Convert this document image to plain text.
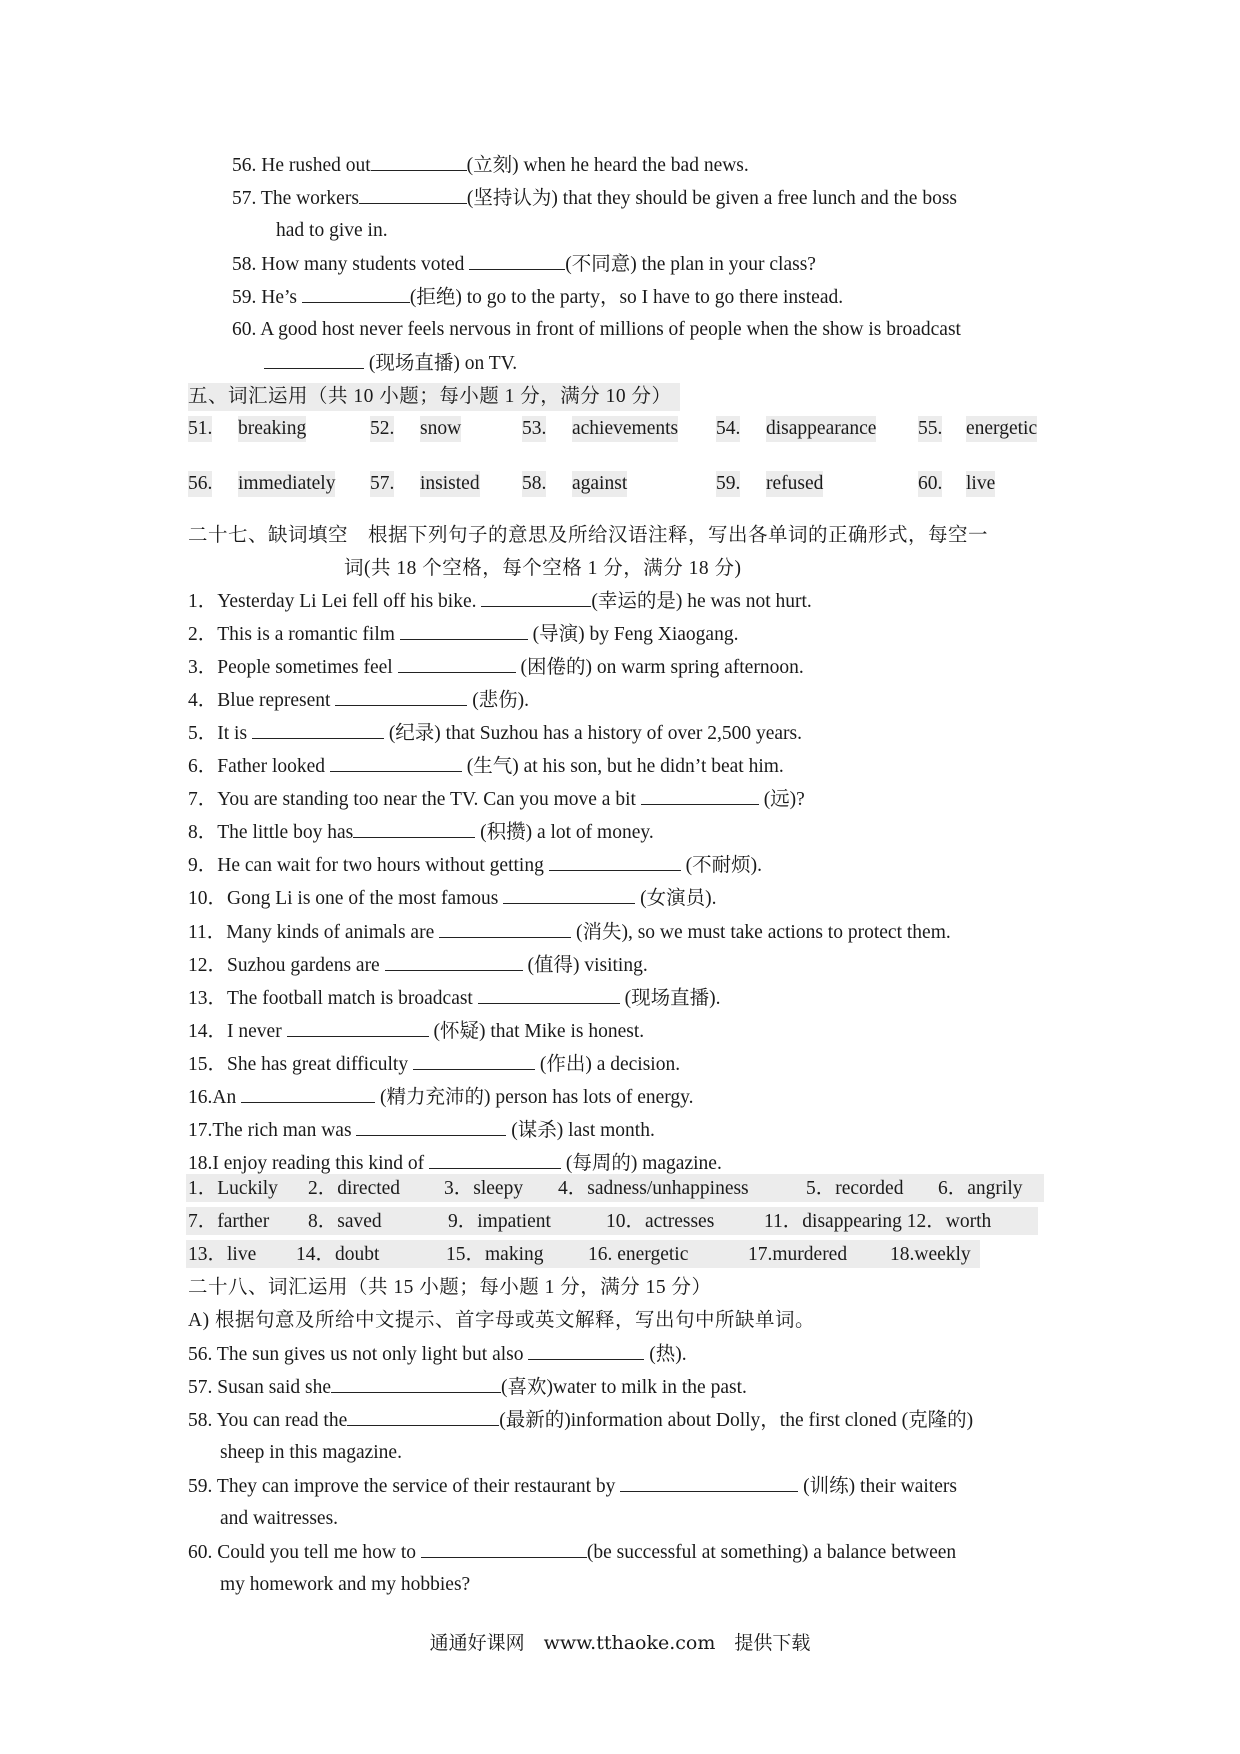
56. He rushed out	(立刻) when he heard the bad news.
57. The workers	(坚持认为) that they should be given a free lunch and the boss
had to give in.
58. How many students voted	(不同意) the plan in your class?
59. He’s	(拒绝) to go to the party，so I have to go there instead.
60. A good host never feels nervous in front of millions of people when the show is broadcast
(现场直播) on TV.
五、词汇运用（共 10 小题；每小题 1 分，满分 10 分）
51. breaking	52. snow	53. achievements 54. disappearance 55. energetic
56. immediately 57. insisted 58. against	59. refused	60. live
二十七、缺词填空　根据下列句子的意思及所给汉语注释，写出各单词的正确形式，每空一
词(共 18 个空格，每个空格 1 分，满分 18 分)
1．Yesterday Li Lei fell off his bike.	(幸运的是) he was not hurt.
2．This is a romantic film	(导演) by Feng Xiaogang.
3．People sometimes feel	(困倦的) on warm spring afternoon.
4．Blue represent	(悲伤).
5．It is	(纪录) that Suzhou has a history of over 2,500 years.
6．Father looked	(生气) at his son, but he didn’t beat him.
7．You are standing too near the TV. Can you move a bit	(远)?
8．The little boy has	(积攒) a lot of money.
9．He can wait for two hours without getting	(不耐烦).
10．Gong Li is one of the most famous	(女演员).
11．Many kinds of animals are	(消失), so we must take actions to protect them.
12．Suzhou gardens are	(值得) visiting.
13．The football match is broadcast	(现场直播).
14．I never	(怀疑) that Mike is honest.
15．She has great difficulty	(作出) a decision.
16.An	(精力充沛的) person has lots of energy.
17.The rich man was	(谋杀) last month.
18.I enjoy reading this kind of	(每周的) magazine.
1．Luckily 2．directed 3．sleepy 4．sadness/unhappiness	5．recorded 6．angrily
7．farther 8．saved	9．impatient	10．actresses	11．disappearing 12．worth
13．live 14．doubt	15．making 16. energetic	17.murdered 18.weekly
二十八、词汇运用（共 15 小题；每小题 1 分，满分 15 分）
A) 根据句意及所给中文提示、首字母或英文解释，写出句中所缺单词。
56. The sun gives us not only light but also	(热).
57. Susan said she	(喜欢)water to milk in the past.
58. You can read the	(最新的)information about Dolly，the first cloned (克隆的)
sheep in this magazine.
59. They can improve the service of their restaurant by	(训练) their waiters
and waitresses.
60. Could you tell me how to	(be successful at something) a balance between
my homework and my hobbies?
通通好课网　www.tthaoke.com　提供下载
